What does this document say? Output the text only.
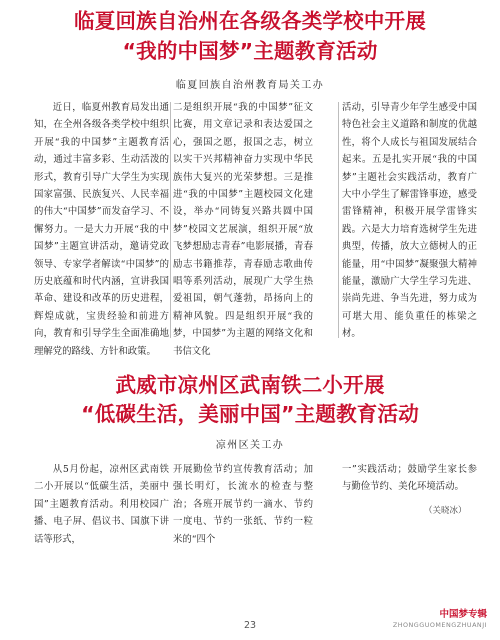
临夏回族自治州在各级各类学校中开展
“我的中国梦”主题教育活动
临夏回族自治州教育局关工办

近日，临夏州教育局发出通知，在全州各级各类学校中组织开展“我的中国梦”主题教育活动，通过丰富多彩、生动活泼的形式，教育引导广大学生为实现国家富强、民族复兴、人民幸福的伟大“中国梦”而发奋学习、不懈努力。一是大力开展“我的中国梦”主题宣讲活动，邀请党政领导、专家学者解读“中国梦”的历史底蕴和时代内涵，宣讲我国革命、建设和改革的历史进程，辉煌成就，宝贵经验和前进方向，教育和引导学生全面准确地理解党的路线、方针和政策。

二是组织开展“我的中国梦”征文比赛，用文章记录和表达爱国之心，强国之愿，报国之志，树立以实干兴邦精神奋力实现中华民族伟大复兴的光荣梦想。三是推进“我的中国梦”主题校园文化建设，举办“同铸复兴路共圆中国梦”校园文艺展演，组织开展“放飞梦想励志青春”电影展播，青春励志书籍推荐，青春励志歌曲传唱等系列活动，展现广大学生热爱祖国，朝气蓬勃，昂扬向上的精神风貌。四是组织开展“我的梦，中国梦”为主题的网络文化和书信文化

活动，引导青少年学生感受中国特色社会主义道路和制度的优越性，将个人成长与祖国发展结合起来。五是扎实开展“我的中国梦”主题社会实践活动，教育广大中小学生了解雷锋事迹，感受雷锋精神，积极开展学雷锋实践。六是大力培育选树学生先进典型，传播，放大立德树人的正能量，用“中国梦”凝聚强大精神能量，激励广大学生学习先进、崇尚先进、争当先进，努力成为可堪大用、能负重任的栋梁之材。

武威市凉州区武南铁二小开展
“低碳生活，美丽中国”主题教育活动
凉州区关工办

从5月份起，凉州区武南铁二小开展以“低碳生活，美丽中国”主题教育活动。利用校园广播、电子屏、倡议书、国旗下讲话等形式，

开展勤俭节约宣传教育活动；加强长明灯，长流水的检查与整治；各班开展节约一滴水、节约一度电、节约一张纸、节约一粒米的“四个

一”实践活动；鼓励学生家长参与勤俭节约、美化环境活动。

（关晓冰）
23
中国梦专辑
ZHONGGUOMENGZHUANJI
